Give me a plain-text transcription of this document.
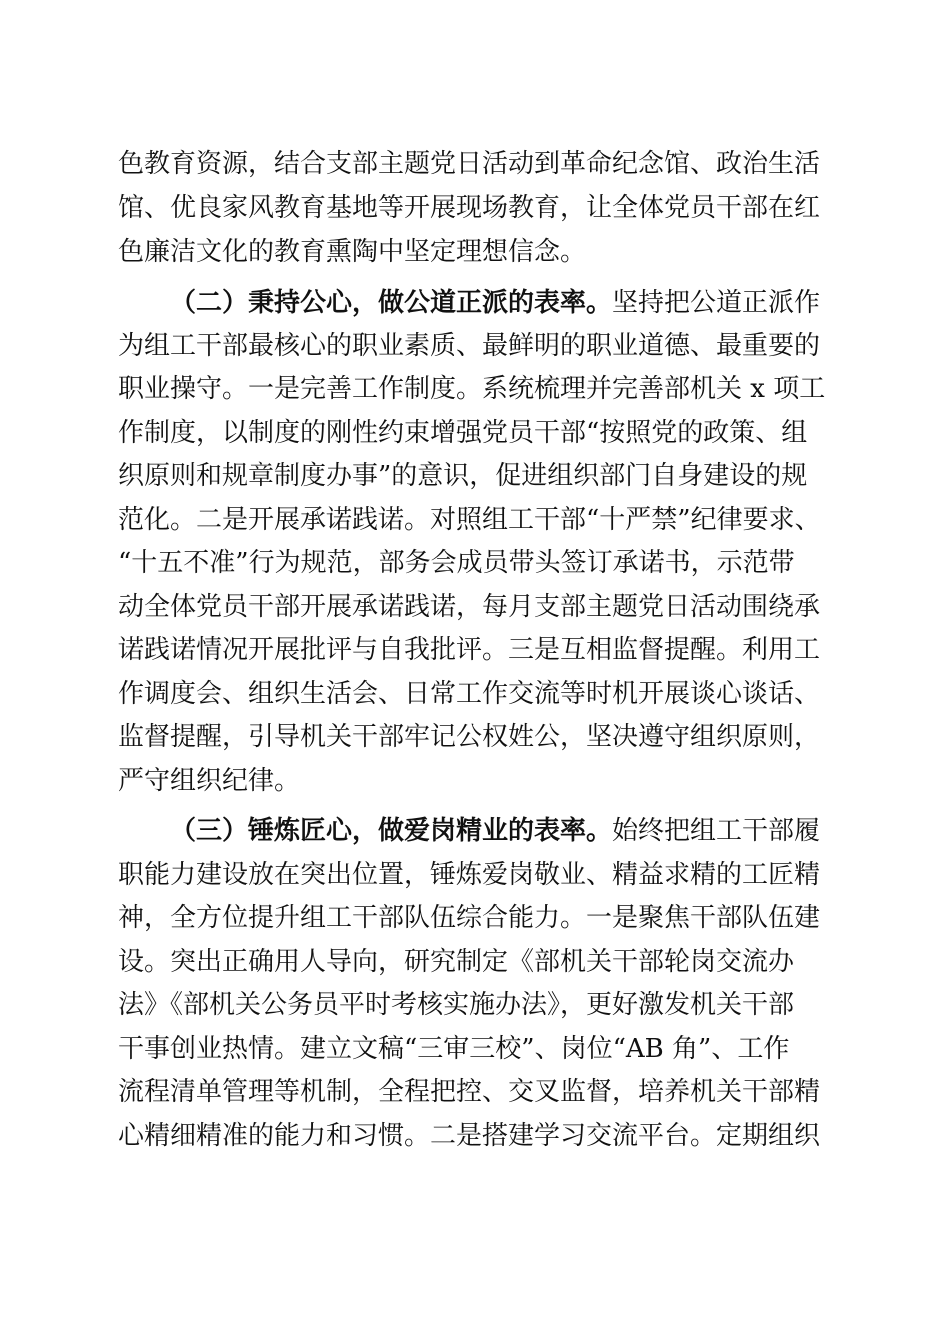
色教育资源，结合支部主题党日活动到革命纪念馆、政治生活

馆、优良家风教育基地等开展现场教育，让全体党员干部在红

色廉洁文化的教育熏陶中坚定理想信念。

（二）秉持公心，做公道正派的表率。坚持把公道正派作

为组工干部最核心的职业素质、最鲜明的职业道德、最重要的

职业操守。一是完善工作制度。系统梳理并完善部机关 x 项工

作制度，以制度的刚性约束增强党员干部“按照党的政策、组

织原则和规章制度办事”的意识，促进组织部门自身建设的规

范化。二是开展承诺践诺。对照组工干部“十严禁”纪律要求、

“十五不准”行为规范，部务会成员带头签订承诺书，示范带

动全体党员干部开展承诺践诺，每月支部主题党日活动围绕承

诺践诺情况开展批评与自我批评。三是互相监督提醒。利用工

作调度会、组织生活会、日常工作交流等时机开展谈心谈话、

监督提醒，引导机关干部牢记公权姓公，坚决遵守组织原则，

严守组织纪律。

（三）锤炼匠心，做爱岗精业的表率。始终把组工干部履

职能力建设放在突出位置，锤炼爱岗敬业、精益求精的工匠精

神，全方位提升组工干部队伍综合能力。一是聚焦干部队伍建

设。突出正确用人导向，研究制定《部机关干部轮岗交流办

法》《部机关公务员平时考核实施办法》，更好激发机关干部

干事创业热情。建立文稿“三审三校”、岗位“AB 角”、工作

流程清单管理等机制，全程把控、交叉监督，培养机关干部精

心精细精准的能力和习惯。二是搭建学习交流平台。定期组织
